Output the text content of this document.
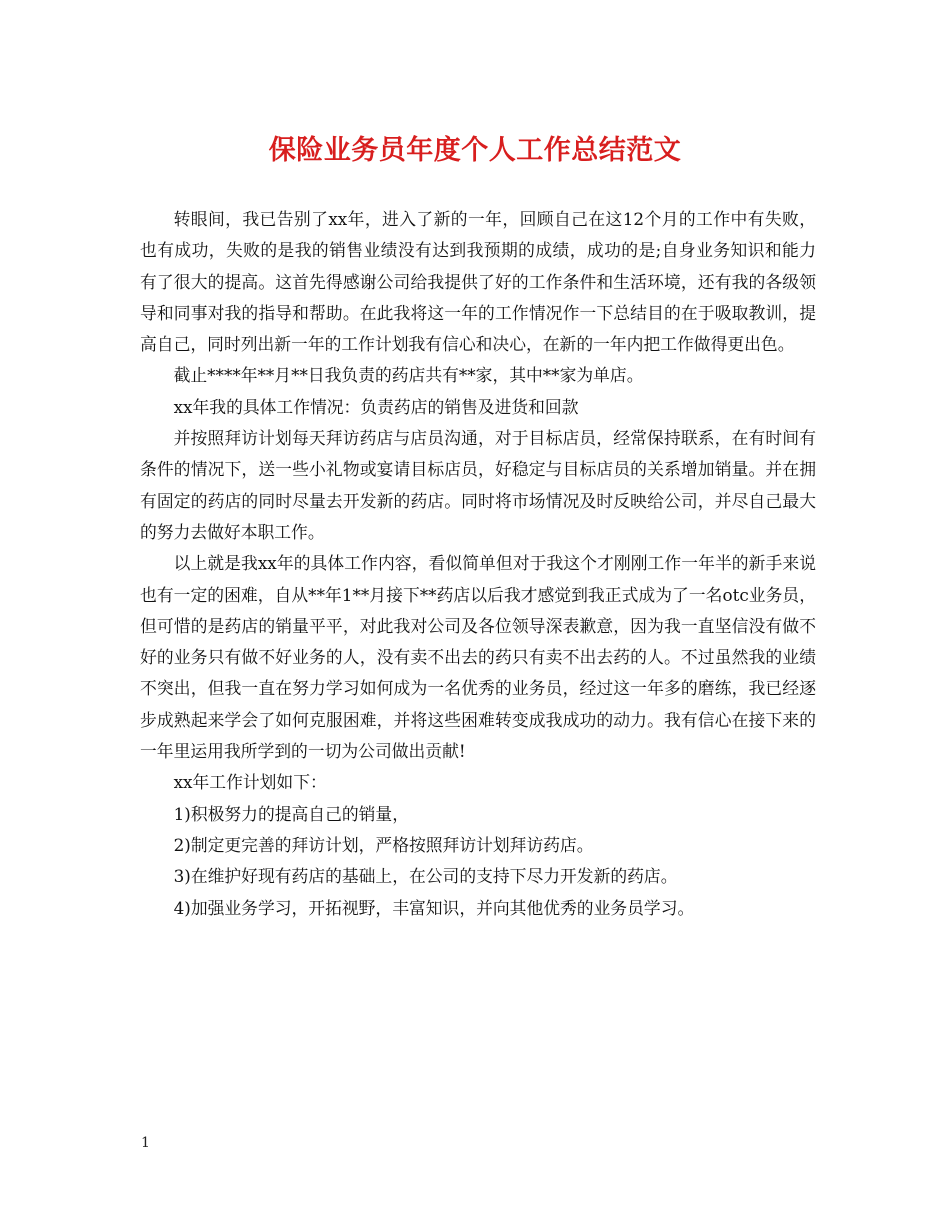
保险业务员年度个人工作总结范文

转眼间，我已告别了xx年，进入了新的一年，回顾自己在这12个月的工作中有失败，也有成功，失败的是我的销售业绩没有达到我预期的成绩，成功的是;自身业务知识和能力有了很大的提高。这首先得感谢公司给我提供了好的工作条件和生活环境，还有我的各级领导和同事对我的指导和帮助。在此我将这一年的工作情况作一下总结目的在于吸取教训，提高自己，同时列出新一年的工作计划我有信心和决心，在新的一年内把工作做得更出色。

截止****年**月**日我负责的药店共有**家，其中**家为单店。

xx年我的具体工作情况：负责药店的销售及进货和回款

并按照拜访计划每天拜访药店与店员沟通，对于目标店员，经常保持联系，在有时间有条件的情况下，送一些小礼物或宴请目标店员，好稳定与目标店员的关系增加销量。并在拥有固定的药店的同时尽量去开发新的药店。同时将市场情况及时反映给公司，并尽自己最大的努力去做好本职工作。

以上就是我xx年的具体工作内容，看似简单但对于我这个才刚刚工作一年半的新手来说也有一定的困难，自从**年1**月接下**药店以后我才感觉到我正式成为了一名otc业务员，但可惜的是药店的销量平平，对此我对公司及各位领导深表歉意，因为我一直坚信没有做不好的业务只有做不好业务的人，没有卖不出去的药只有卖不出去药的人。不过虽然我的业绩不突出，但我一直在努力学习如何成为一名优秀的业务员，经过这一年多的磨练，我已经逐步成熟起来学会了如何克服困难，并将这些困难转变成我成功的动力。我有信心在接下来的一年里运用我所学到的一切为公司做出贡献!

xx年工作计划如下：

1)积极努力的提高自己的销量，

2)制定更完善的拜访计划，严格按照拜访计划拜访药店。

3)在维护好现有药店的基础上，在公司的支持下尽力开发新的药店。

4)加强业务学习，开拓视野，丰富知识，并向其他优秀的业务员学习。

1
